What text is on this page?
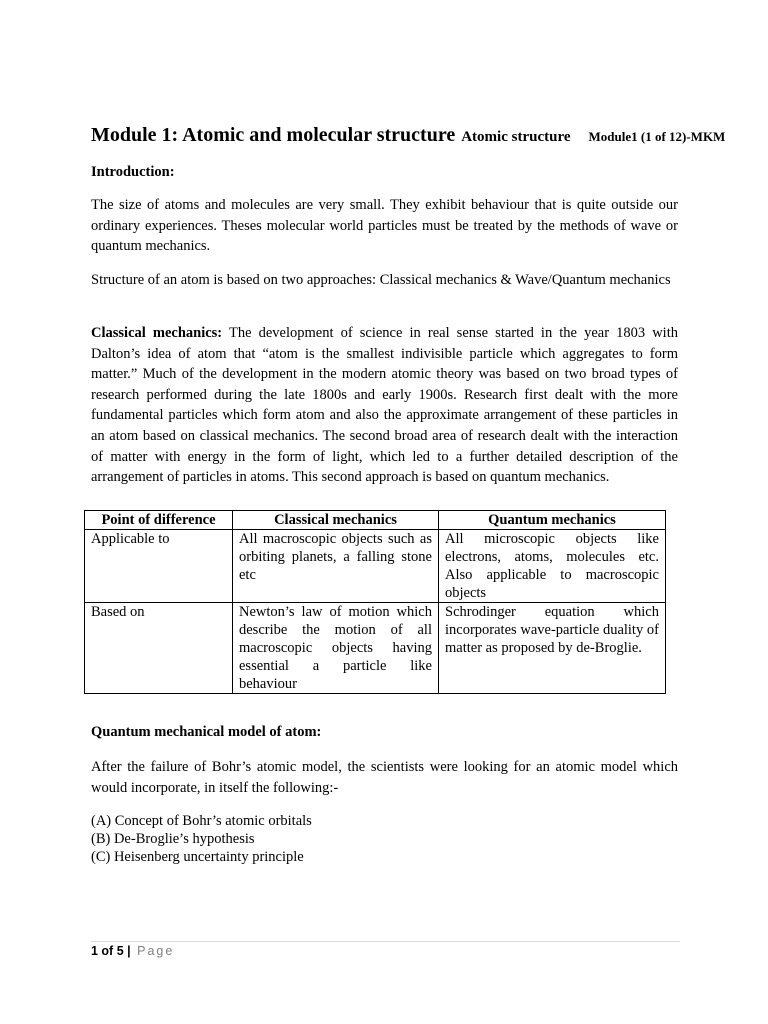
Module 1: Atomic and molecular structure Atomic structure Module1 (1 of 12)-MKM
Introduction:
The size of atoms and molecules are very small. They exhibit behaviour that is quite outside our ordinary experiences. Theses molecular world particles must be treated by the methods of wave or quantum mechanics.
Structure of an atom is based on two approaches: Classical mechanics & Wave/Quantum mechanics
Classical mechanics: The development of science in real sense started in the year 1803 with Dalton’s idea of atom that “atom is the smallest indivisible particle which aggregates to form matter.” Much of the development in the modern atomic theory was based on two broad types of research performed during the late 1800s and early 1900s. Research first dealt with the more fundamental particles which form atom and also the approximate arrangement of these particles in an atom based on classical mechanics. The second broad area of research dealt with the interaction of matter with energy in the form of light, which led to a further detailed description of the arrangement of particles in atoms. This second approach is based on quantum mechanics.
Point of difference	Classical mechanics	Quantum mechanics
Applicable to	All macroscopic objects such as orbiting planets, a falling stone etc	All microscopic objects like electrons, atoms, molecules etc. Also applicable to macroscopic objects
Based on	Newton’s law of motion which describe the motion of all macroscopic objects having essential a particle like behaviour	Schrodinger equation which incorporates wave-particle duality of matter as proposed by de-Broglie.
Quantum mechanical model of atom:
After the failure of Bohr’s atomic model, the scientists were looking for an atomic model which would incorporate, in itself the following:-
(A) Concept of Bohr’s atomic orbitals
(B) De-Broglie’s hypothesis
(C) Heisenberg uncertainty principle
1 of 5 | Page
